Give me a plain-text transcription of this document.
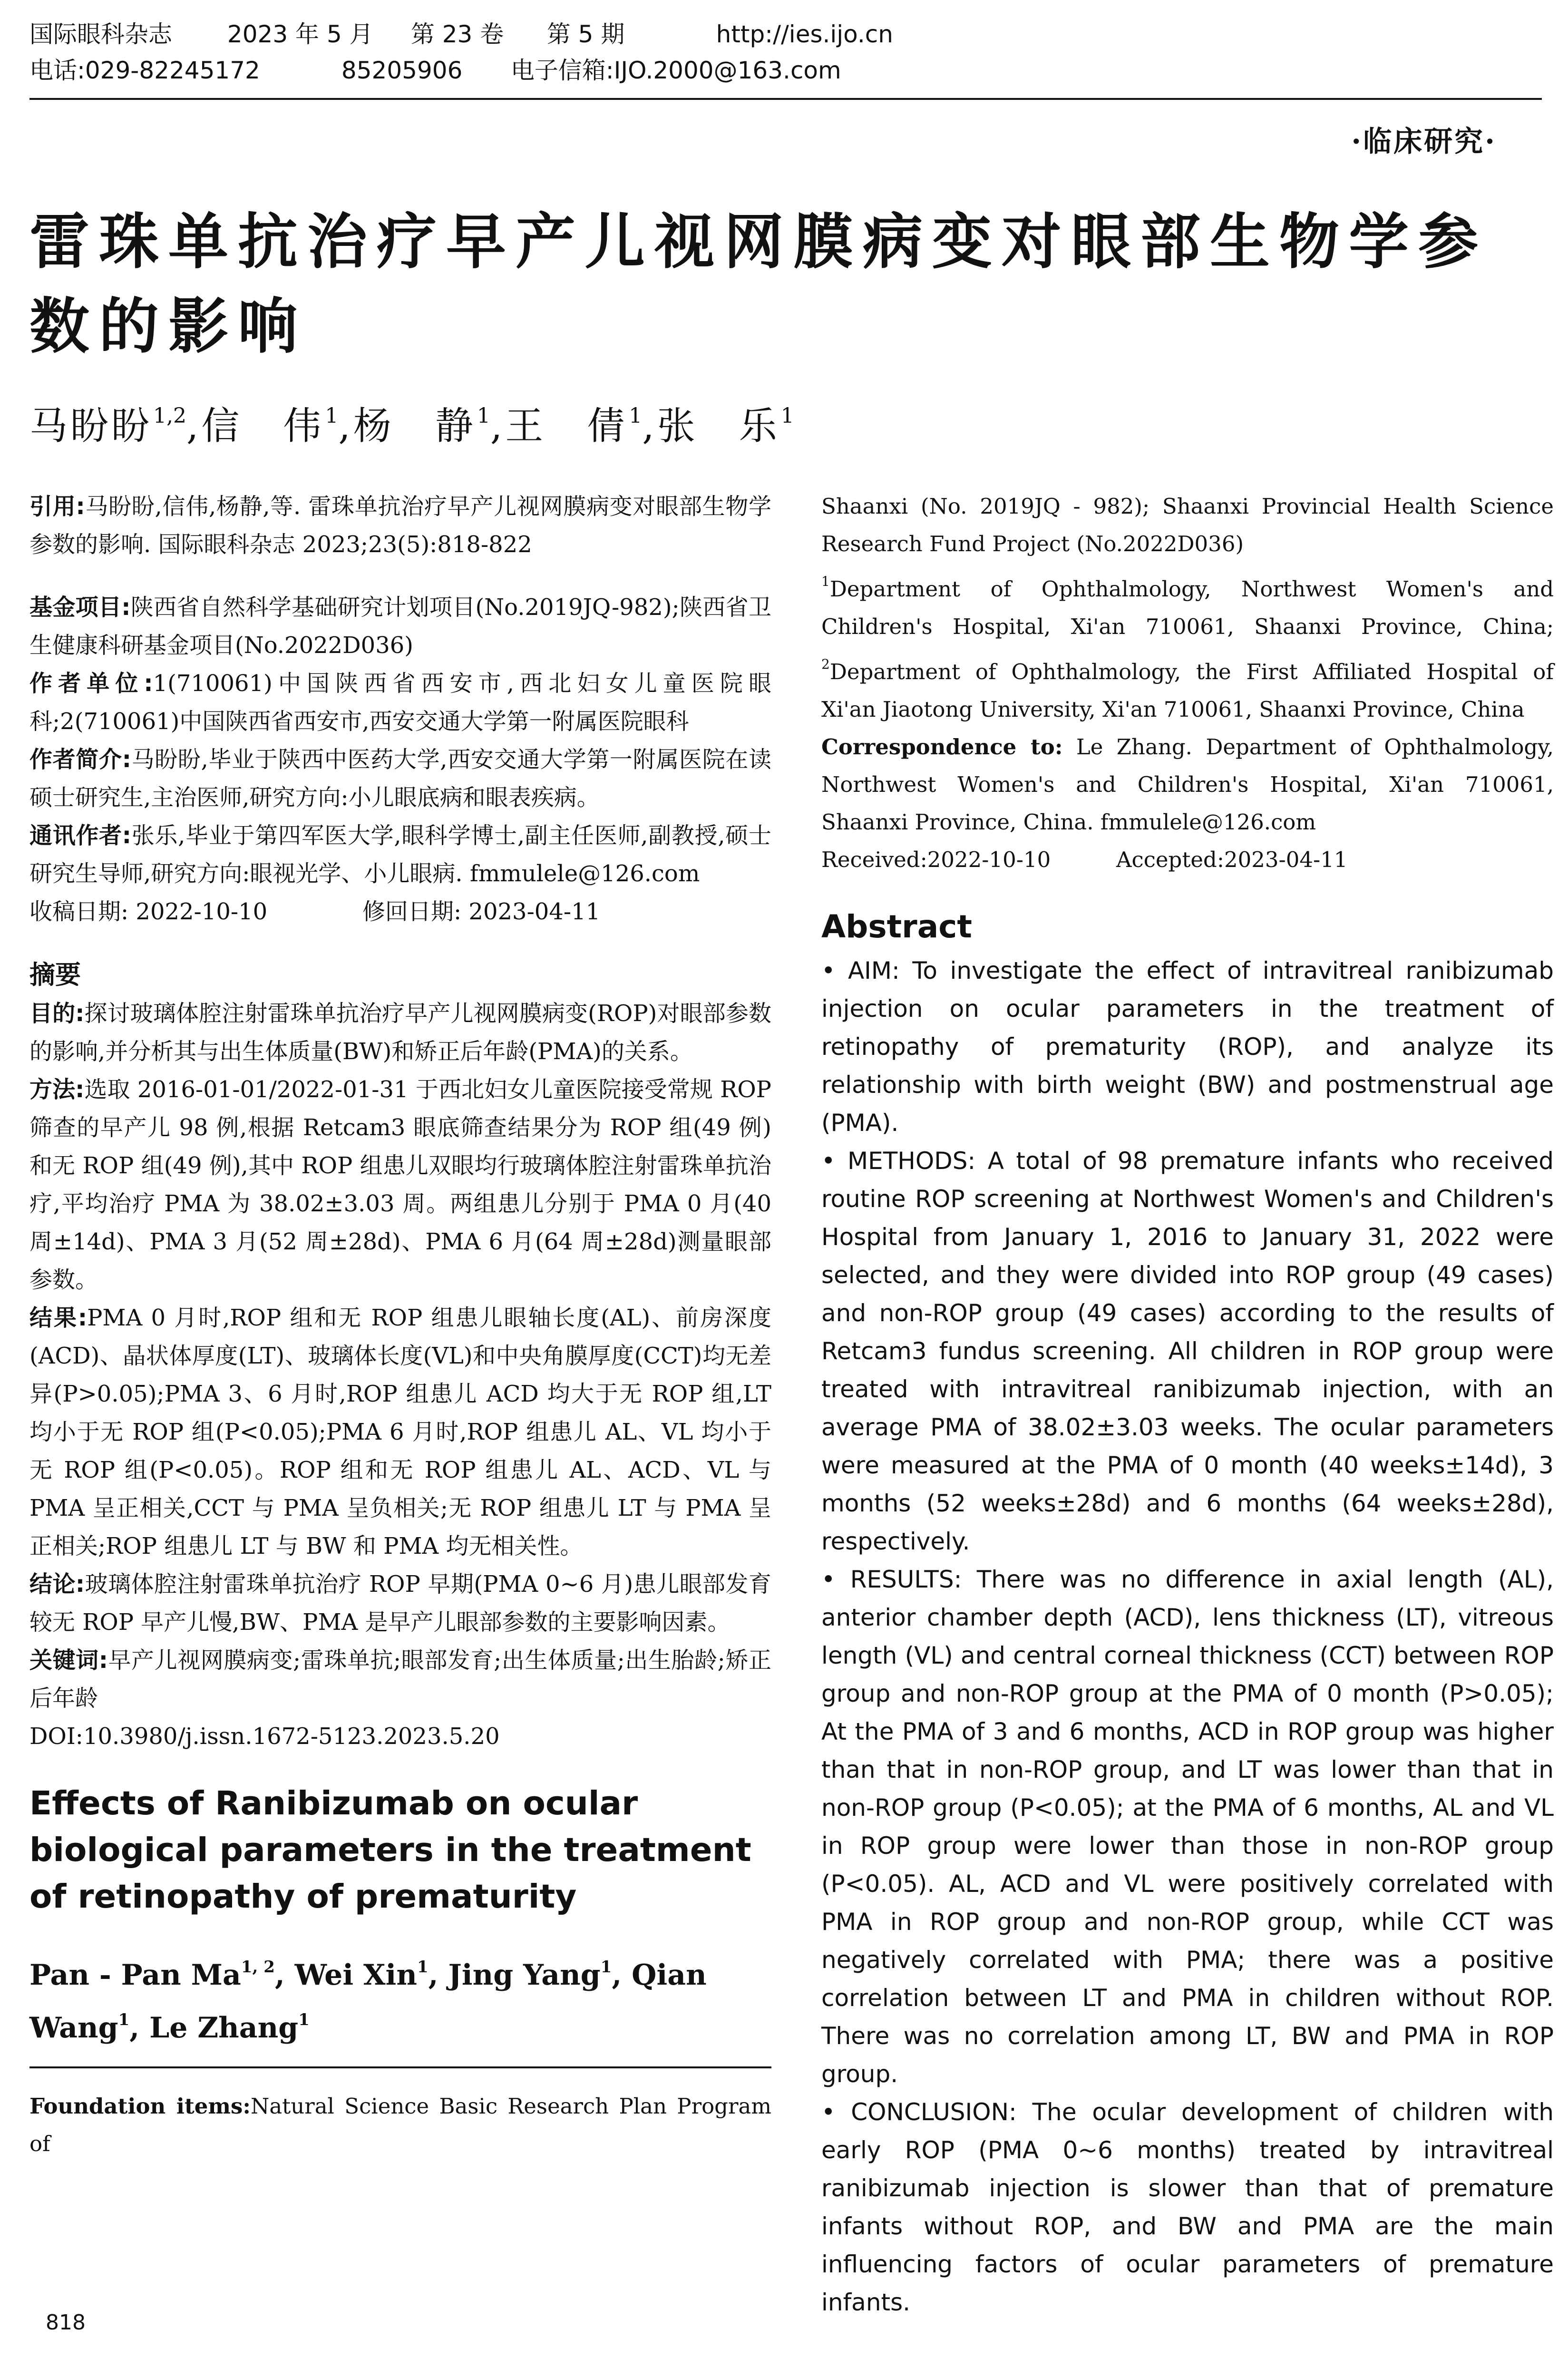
国际眼科杂志 2023 年 5 月 第 23 卷 第 5 期	http://ies.ijo.cn
电话:029-82245172	85205906 电子信箱:IJO.2000@163.com
·临床研究·
雷珠单抗治疗早产儿视网膜病变对眼部生物学参数的影响
马盼盼$^{1,2}$,信　伟$^1$,杨　静$^1$,王　倩$^1$,张　乐$^1$

引用:马盼盼,信伟,杨静,等. 雷珠单抗治疗早产儿视网膜病变对眼部生物学参数的影响. 国际眼科杂志 2023;23(5):818-822

基金项目:陕西省自然科学基础研究计划项目(No.2019JQ-982);陕西省卫生健康科研基金项目(No.2022D036)

作者单位:1(710061)中国陕西省西安市,西北妇女儿童医院眼科;2(710061)中国陕西省西安市,西安交通大学第一附属医院眼科

作者简介:马盼盼,毕业于陕西中医药大学,西安交通大学第一附属医院在读硕士研究生,主治医师,研究方向:小儿眼底病和眼表疾病。

通讯作者:张乐,毕业于第四军医大学,眼科学博士,副主任医师,副教授,硕士研究生导师,研究方向:眼视光学、小儿眼病. fmmulele@126.com

收稿日期: 2022-10-10	修回日期: 2023-04-11

摘要

目的:探讨玻璃体腔注射雷珠单抗治疗早产儿视网膜病变(ROP)对眼部参数的影响,并分析其与出生体质量(BW)和矫正后年龄(PMA)的关系。

方法:选取 2016-01-01/2022-01-31 于西北妇女儿童医院接受常规 ROP 筛查的早产儿 98 例,根据 Retcam3 眼底筛查结果分为 ROP 组(49 例)和无 ROP 组(49 例),其中 ROP 组患儿双眼均行玻璃体腔注射雷珠单抗治疗,平均治疗 PMA 为 38.02±3.03 周。两组患儿分别于 PMA 0 月(40 周±14d)、PMA 3 月(52 周±28d)、PMA 6 月(64 周±28d)测量眼部参数。

结果:PMA 0 月时,ROP 组和无 ROP 组患儿眼轴长度(AL)、前房深度(ACD)、晶状体厚度(LT)、玻璃体长度(VL)和中央角膜厚度(CCT)均无差异(P>0.05);PMA 3、6 月时,ROP 组患儿 ACD 均大于无 ROP 组,LT 均小于无 ROP 组(P<0.05);PMA 6 月时,ROP 组患儿 AL、VL 均小于无 ROP 组(P<0.05)。ROP 组和无 ROP 组患儿 AL、ACD、VL 与 PMA 呈正相关,CCT 与 PMA 呈负相关;无 ROP 组患儿 LT 与 PMA 呈正相关;ROP 组患儿 LT 与 BW 和 PMA 均无相关性。

结论:玻璃体腔注射雷珠单抗治疗 ROP 早期(PMA 0~6 月)患儿眼部发育较无 ROP 早产儿慢,BW、PMA 是早产儿眼部参数的主要影响因素。

关键词:早产儿视网膜病变;雷珠单抗;眼部发育;出生体质量;出生胎龄;矫正后年龄

DOI:10.3980/j.issn.1672-5123.2023.5.20

Effects of Ranibizumab on ocular biological parameters in the treatment of retinopathy of prematurity

Pan - Pan Ma$^{1, 2}$, Wei Xin$^1$, Jing Yang$^1$, Qian Wang$^1$, Le Zhang$^1$

Foundation items:Natural Science Basic Research Plan Program of

Shaanxi (No. 2019JQ - 982); Shaanxi Provincial Health Science Research Fund Project (No.2022D036)

$^1$Department of Ophthalmology, Northwest Women's and Children's Hospital, Xi'an 710061, Shaanxi Province, China; $^2$Department of Ophthalmology, the First Affiliated Hospital of Xi'an Jiaotong University, Xi'an 710061, Shaanxi Province, China

Correspondence to: Le Zhang. Department of Ophthalmology, Northwest Women's and Children's Hospital, Xi'an 710061, Shaanxi Province, China. fmmulele@126.com

Received:2022-10-10	Accepted:2023-04-11

Abstract

• AIM: To investigate the effect of intravitreal ranibizumab injection on ocular parameters in the treatment of retinopathy of prematurity (ROP), and analyze its relationship with birth weight (BW) and postmenstrual age (PMA).

• METHODS: A total of 98 premature infants who received routine ROP screening at Northwest Women's and Children's Hospital from January 1, 2016 to January 31, 2022 were selected, and they were divided into ROP group (49 cases) and non-ROP group (49 cases) according to the results of Retcam3 fundus screening. All children in ROP group were treated with intravitreal ranibizumab injection, with an average PMA of 38.02±3.03 weeks. The ocular parameters were measured at the PMA of 0 month (40 weeks±14d), 3 months (52 weeks±28d) and 6 months (64 weeks±28d), respectively.

• RESULTS: There was no difference in axial length (AL), anterior chamber depth (ACD), lens thickness (LT), vitreous length (VL) and central corneal thickness (CCT) between ROP group and non-ROP group at the PMA of 0 month (P>0.05); At the PMA of 3 and 6 months, ACD in ROP group was higher than that in non-ROP group, and LT was lower than that in non-ROP group (P<0.05); at the PMA of 6 months, AL and VL in ROP group were lower than those in non-ROP group (P<0.05). AL, ACD and VL were positively correlated with PMA in ROP group and non-ROP group, while CCT was negatively correlated with PMA; there was a positive correlation between LT and PMA in children without ROP. There was no correlation among LT, BW and PMA in ROP group.

• CONCLUSION: The ocular development of children with early ROP (PMA 0~6 months) treated by intravitreal ranibizumab injection is slower than that of premature infants without ROP, and BW and PMA are the main influencing factors of ocular parameters of premature infants.

818
